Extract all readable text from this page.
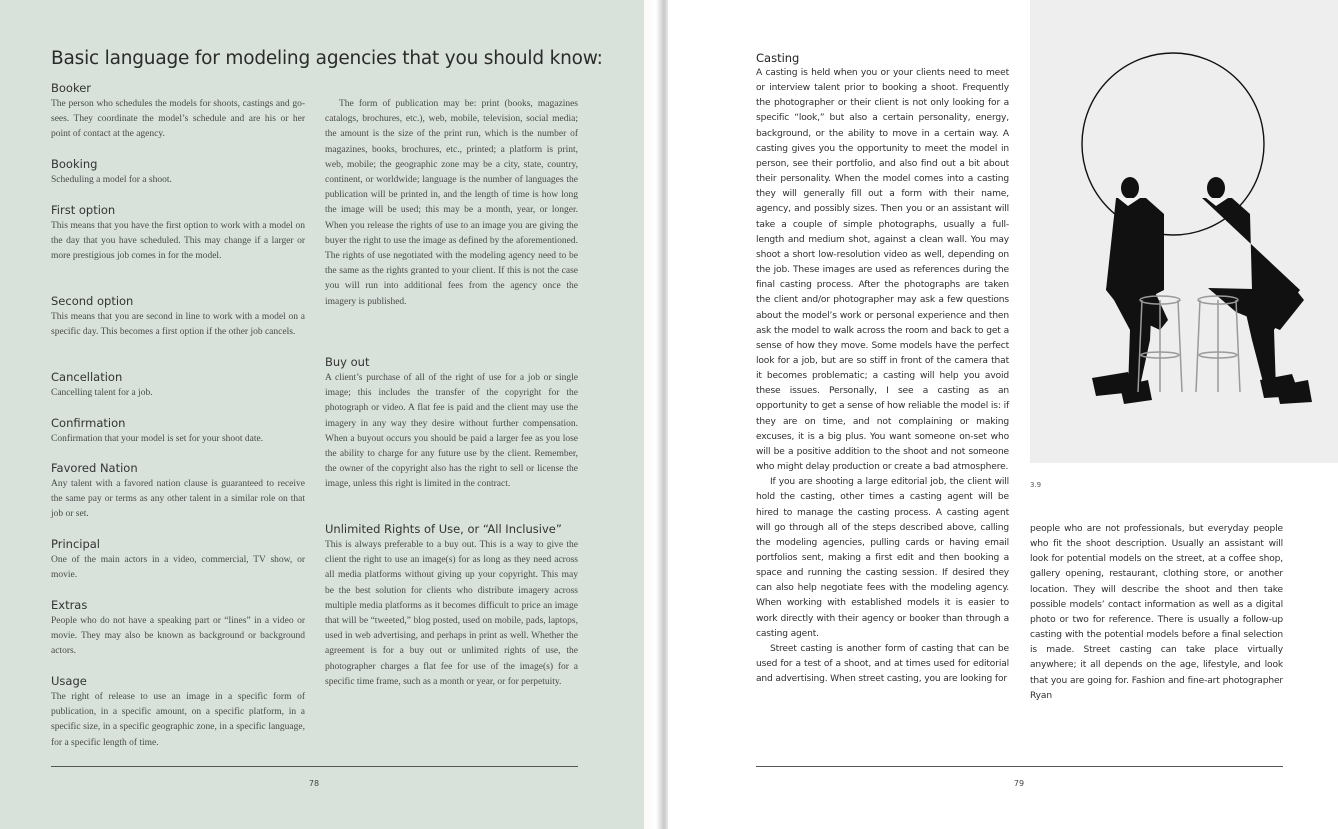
Basic language for modeling agencies that you should know:

Booker

The person who schedules the models for shoots, castings and go-sees. They coordinate the model’s schedule and are his or her point of contact at the agency.

Booking

Scheduling a model for a shoot.

First option

This means that you have the first option to work with a model on the day that you have scheduled. This may change if a larger or more prestigious job comes in for the model.

Second option

This means that you are second in line to work with a model on a specific day. This becomes a first option if the other job cancels.

Cancellation

Cancelling talent for a job.

Confirmation

Confirmation that your model is set for your shoot date.

Favored Nation

Any talent with a favored nation clause is guaranteed to receive the same pay or terms as any other talent in a similar role on that job or set.

Principal

One of the main actors in a video, commercial, TV show, or movie.

Extras

People who do not have a speaking part or “lines” in a video or movie. They may also be known as background or background actors.

Usage

The right of release to use an image in a specific form of publication, in a specific amount, on a specific platform, in a specific size, in a specific geographic zone, in a specific language, for a specific length of time.

The form of publication may be: print (books, magazines catalogs, brochures, etc.), web, mobile, television, social media; the amount is the size of the print run, which is the number of magazines, books, brochures, etc., printed; a platform is print, web, mobile; the geographic zone may be a city, state, country, continent, or worldwide; language is the number of languages the publication will be printed in, and the length of time is how long the image will be used; this may be a month, year, or longer. When you release the rights of use to an image you are giving the buyer the right to use the image as defined by the aforementioned. The rights of use negotiated with the modeling agency need to be the same as the rights granted to your client. If this is not the case you will run into additional fees from the agency once the imagery is published.

Buy out

A client’s purchase of all of the right of use for a job or single image; this includes the transfer of the copyright for the photograph or video. A flat fee is paid and the client may use the imagery in any way they desire without further compensation. When a buyout occurs you should be paid a larger fee as you lose the ability to charge for any future use by the client. Remember, the owner of the copyright also has the right to sell or license the image, unless this right is limited in the contract.

Unlimited Rights of Use, or “All Inclusive”

This is always preferable to a buy out. This is a way to give the client the right to use an image(s) for as long as they need across all media platforms without giving up your copyright. This may be the best solution for clients who distribute imagery across multiple media platforms as it becomes difficult to price an image that will be “tweeted,” blog posted, used on mobile, pads, laptops, used in web advertising, and perhaps in print as well. Whether the agreement is for a buy out or unlimited rights of use, the photographer charges a flat fee for use of the image(s) for a specific time frame, such as a month or year, or for perpetuity.

78
Casting

A casting is held when you or your clients need to meet or interview talent prior to booking a shoot. Frequently the photographer or their client is not only looking for a specific “look,” but also a certain personality, energy, background, or the ability to move in a certain way. A casting gives you the opportunity to meet the model in person, see their portfolio, and also find out a bit about their personality. When the model comes into a casting they will generally fill out a form with their name, agency, and possibly sizes. Then you or an assistant will take a couple of simple photographs, usually a full-length and medium shot, against a clean wall. You may shoot a short low-resolution video as well, depending on the job. These images are used as references during the final casting process. After the photographs are taken the client and/or photographer may ask a few questions about the model’s work or personal experience and then ask the model to walk across the room and back to get a sense of how they move. Some models have the perfect look for a job, but are so stiff in front of the camera that it becomes problematic; a casting will help you avoid these issues. Personally, I see a casting as an opportunity to get a sense of how reliable the model is: if they are on time, and not complaining or making excuses, it is a big plus. You want someone on-set who will be a positive addition to the shoot and not someone who might delay production or create a bad atmosphere.

If you are shooting a large editorial job, the client will hold the casting, other times a casting agent will be hired to manage the casting process. A casting agent will go through all of the steps described above, calling the modeling agencies, pulling cards or having email portfolios sent, making a first edit and then booking a space and running the casting session. If desired they can also help negotiate fees with the modeling agency. When working with established models it is easier to work directly with their agency or booker than through a casting agent.

Street casting is another form of casting that can be used for a test of a shoot, and at times used for editorial and advertising. When street casting, you are looking for

3.9

people who are not professionals, but everyday people who fit the shoot description. Usually an assistant will look for potential models on the street, at a coffee shop, gallery opening, restaurant, clothing store, or another location. They will describe the shoot and then take possible models’ contact information as well as a digital photo or two for reference. There is usually a follow-up casting with the potential models before a final selection is made. Street casting can take place virtually anywhere; it all depends on the age, lifestyle, and look that you are going for. Fashion and fine-art photographer Ryan

79
